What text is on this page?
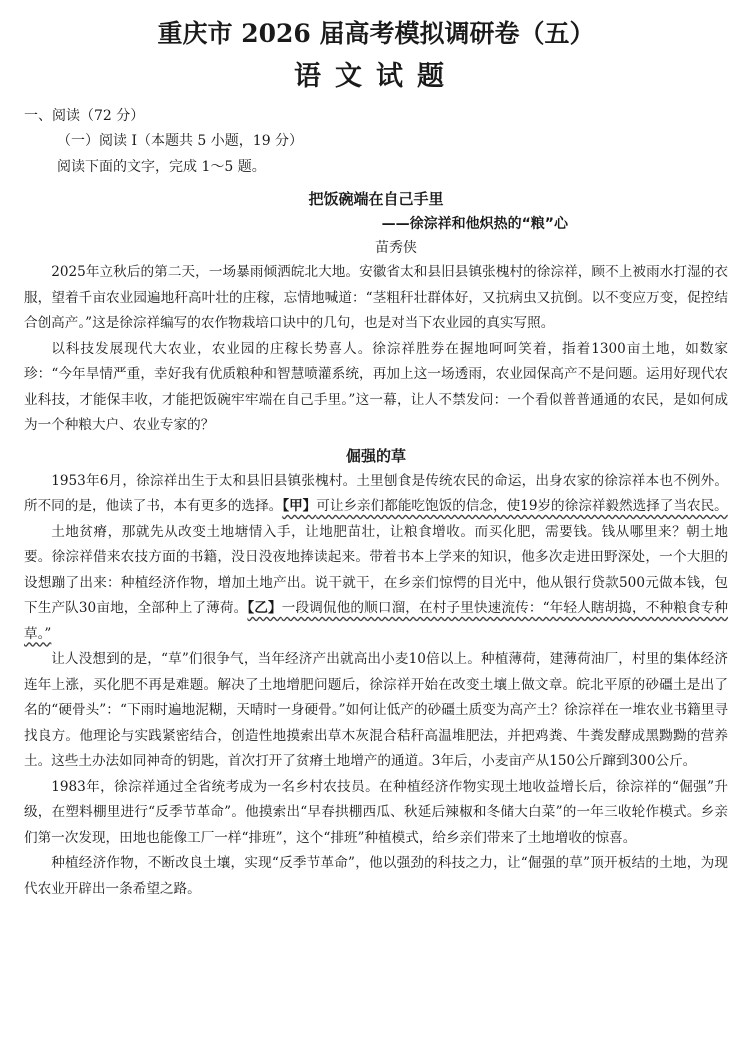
重庆市 2026 届高考模拟调研卷（五）
语文试题
一、阅读（72 分）
（一）阅读 I（本题共 5 小题，19 分）
阅读下面的文字，完成 1～5 题。
把饭碗端在自己手里
——徐淙祥和他炽热的“粮”心
苗秀侠

2025年立秋后的第二天，一场暴雨倾洒皖北大地。安徽省太和县旧县镇张槐村的徐淙祥，顾不上被雨水打湿的衣服，望着千亩农业园遍地秆高叶壮的庄稼，忘情地喊道：“茎粗秆壮群体好，又抗病虫又抗倒。以不变应万变，促控结合创高产。”这是徐淙祥编写的农作物栽培口诀中的几句，也是对当下农业园的真实写照。

以科技发展现代大农业，农业园的庄稼长势喜人。徐淙祥胜券在握地呵呵笑着，指着1300亩土地，如数家珍：“今年旱情严重，幸好我有优质粮种和智慧喷灌系统，再加上这一场透雨，农业园保高产不是问题。运用好现代农业科技，才能保丰收，才能把饭碗牢牢端在自己手里。”这一幕，让人不禁发问：一个看似普普通通的农民，是如何成为一个种粮大户、农业专家的？

倔强的草

1953年6月，徐淙祥出生于太和县旧县镇张槐村。土里刨食是传统农民的命运，出身农家的徐淙祥本也不例外。所不同的是，他读了书，本有更多的选择。【甲】可让乡亲们都能吃饱饭的信念，使19岁的徐淙祥毅然选择了当农民。

土地贫瘠，那就先从改变土地塘情入手，让地肥苗壮，让粮食增收。而买化肥，需要钱。钱从哪里来？朝土地要。徐淙祥借来农技方面的书籍，没日没夜地捧读起来。带着书本上学来的知识，他多次走进田野深处，一个大胆的设想蹦了出来：种植经济作物，增加土地产出。说干就干，在乡亲们惊愕的目光中，他从银行贷款500元做本钱，包下生产队30亩地，全部种上了薄荷。【乙】一段调侃他的顺口溜，在村子里快速流传：“年轻人瞎胡捣，不种粮食专种草。”

让人没想到的是，“草”们很争气，当年经济产出就高出小麦10倍以上。种植薄荷，建薄荷油厂，村里的集体经济连年上涨，买化肥不再是难题。解决了土地增肥问题后，徐淙祥开始在改变土壤上做文章。皖北平原的砂礓土是出了名的“硬骨头”：“下雨时遍地泥糊，天晴时一身硬骨。”如何让低产的砂礓土质变为高产土？徐淙祥在一堆农业书籍里寻找良方。他理论与实践紧密结合，创造性地摸索出草木灰混合秸秆高温堆肥法，并把鸡粪、牛粪发酵成黑黝黝的营养土。这些土办法如同神奇的钥匙，首次打开了贫瘠土地增产的通道。3年后，小麦亩产从150公斤蹿到300公斤。

1983年，徐淙祥通过全省统考成为一名乡村农技员。在种植经济作物实现土地收益增长后，徐淙祥的“倔强”升级，在塑料棚里进行“反季节革命”。他摸索出“早春拱棚西瓜、秋延后辣椒和冬储大白菜”的一年三收轮作模式。乡亲们第一次发现，田地也能像工厂一样“排班”，这个“排班”种植模式，给乡亲们带来了土地增收的惊喜。

种植经济作物，不断改良土壤，实现“反季节革命”，他以强劲的科技之力，让“倔强的草”顶开板结的土地，为现代农业开辟出一条希望之路。
